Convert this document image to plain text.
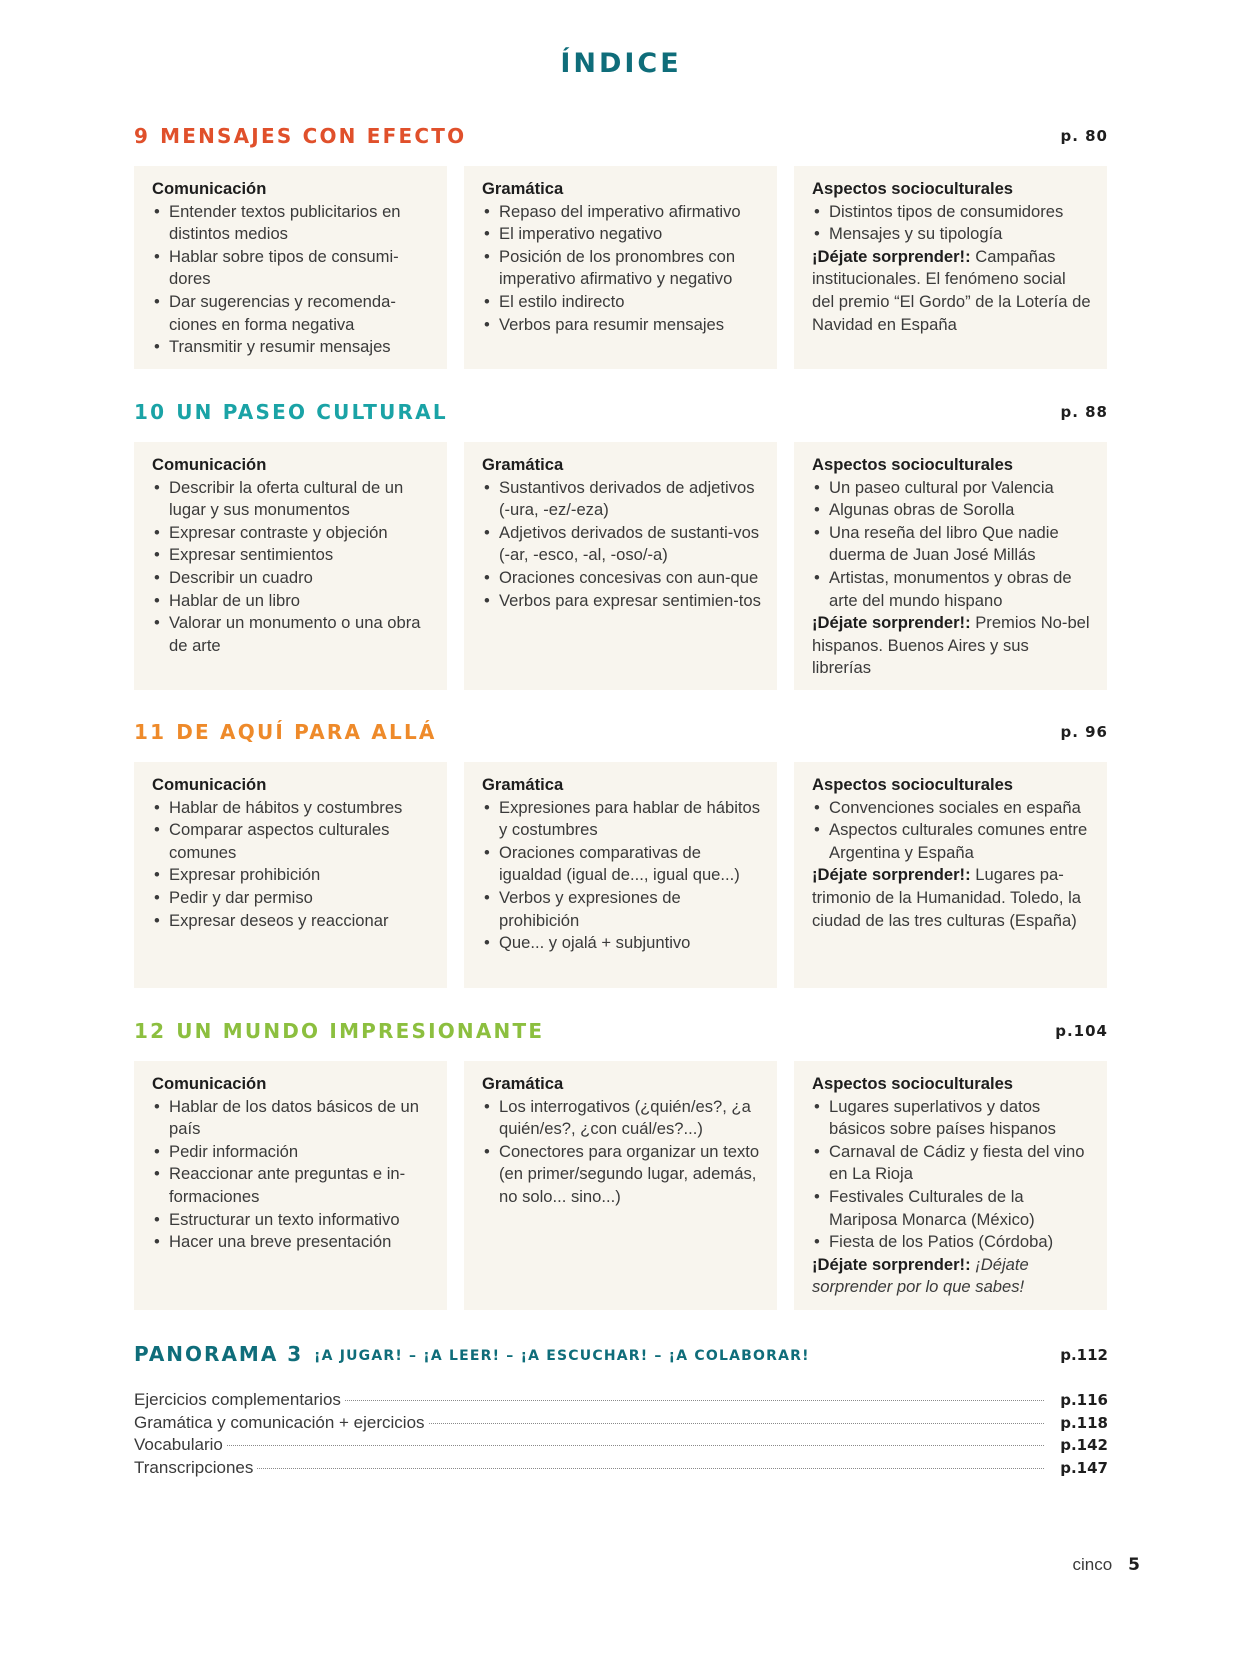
ÍNDICE
9 MENSAJES CON EFECTO	p. 80
Comunicación
• Entender textos publicitarios en distintos medios
• Hablar sobre tipos de consumi-dores
• Dar sugerencias y recomenda-ciones en forma negativa
• Transmitir y resumir mensajes
Gramática
• Repaso del imperativo afirmativo
• El imperativo negativo
• Posición de los pronombres con imperativo afirmativo y negativo
• El estilo indirecto
• Verbos para resumir mensajes
Aspectos socioculturales
• Distintos tipos de consumidores
• Mensajes y su tipología

¡Déjate sorprender!: Campañas institucionales. El fenómeno social del premio “El Gordo” de la Lotería de Navidad en España

10 UN PASEO CULTURAL	p. 88
Comunicación
• Describir la oferta cultural de un lugar y sus monumentos
• Expresar contraste y objeción
• Expresar sentimientos
• Describir un cuadro
• Hablar de un libro
• Valorar un monumento o una obra de arte
Gramática
• Sustantivos derivados de adjetivos (-ura, -ez/-eza)
• Adjetivos derivados de sustanti-vos (-ar, -esco, -al, -oso/-a)
• Oraciones concesivas con aun-que
• Verbos para expresar sentimien-tos
Aspectos socioculturales
• Un paseo cultural por Valencia
• Algunas obras de Sorolla
• Una reseña del libro Que nadie duerma de Juan José Millás
• Artistas, monumentos y obras de arte del mundo hispano

¡Déjate sorprender!: Premios No-bel hispanos. Buenos Aires y sus librerías

11 DE AQUÍ PARA ALLÁ	p. 96
Comunicación
• Hablar de hábitos y costumbres
• Comparar aspectos culturales comunes
• Expresar prohibición
• Pedir y dar permiso
• Expresar deseos y reaccionar
Gramática
• Expresiones para hablar de hábitos y costumbres
• Oraciones comparativas de igualdad (igual de..., igual que...)
• Verbos y expresiones de prohibición
• Que... y ojalá + subjuntivo
Aspectos socioculturales
• Convenciones sociales en españa
• Aspectos culturales comunes entre Argentina y España

¡Déjate sorprender!: Lugares pa-trimonio de la Humanidad. Toledo, la ciudad de las tres culturas (España)

12 UN MUNDO IMPRESIONANTE	p.104
Comunicación
• Hablar de los datos básicos de un país
• Pedir información
• Reaccionar ante preguntas e in-formaciones
• Estructurar un texto informativo
• Hacer una breve presentación
Gramática
• Los interrogativos (¿quién/es?, ¿a quién/es?, ¿con cuál/es?...)
• Conectores para organizar un texto (en primer/segundo lugar, además, no solo... sino...)
Aspectos socioculturales
• Lugares superlativos y datos básicos sobre países hispanos
• Carnaval de Cádiz y fiesta del vino en La Rioja
• Festivales Culturales de la Mariposa Monarca (México)
• Fiesta de los Patios (Córdoba)

¡Déjate sorprender!: ¡Déjate sorprender por lo que sabes!

PANORAMA 3 ¡A JUGAR! – ¡A LEER! – ¡A ESCUCHAR! – ¡A COLABORAR!	p.112
Ejercicios complementarios	p.116
Gramática y comunicación + ejercicios	p.118
Vocabulario	p.142
Transcripciones	p.147
cinco 5
